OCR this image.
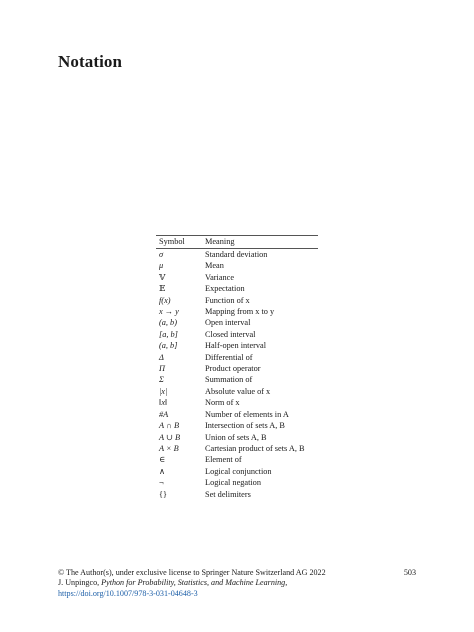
Notation
Symbol	Meaning
σ	Standard deviation
μ	Mean
𝕍	Variance
𝔼	Expectation
f(x)	Function of x
x → y	Mapping from x to y
(a, b)	Open interval
[a, b]	Closed interval
(a, b]	Half-open interval
Δ	Differential of
Π	Product operator
Σ	Summation of
|x|	Absolute value of x
‖x‖	Norm of x
#A	Number of elements in A
A ∩ B	Intersection of sets A, B
A ∪ B	Union of sets A, B
A × B	Cartesian product of sets A, B
∈	Element of
∧	Logical conjunction
¬	Logical negation
{}	Set delimiters
© The Author(s), under exclusive license to Springer Nature Switzerland AG 2022	503
J. Unpingco, Python for Probability, Statistics, and Machine Learning,
https://doi.org/10.1007/978-3-031-04648-3
